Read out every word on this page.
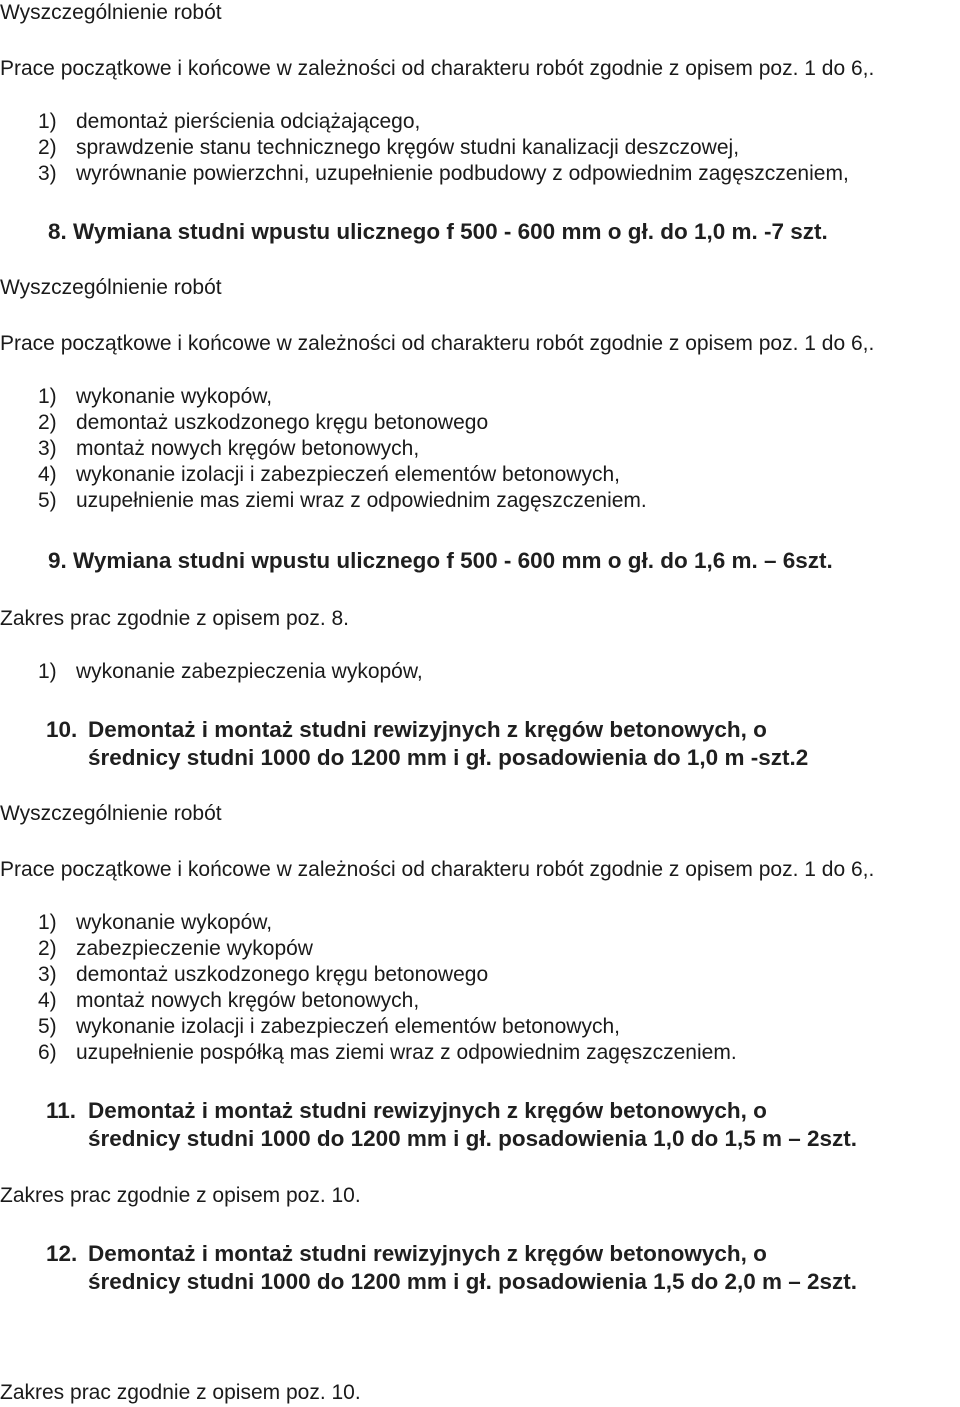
Wyszczególnienie robót
Prace początkowe i końcowe w zależności od charakteru robót zgodnie z opisem poz. 1 do 6,.
1) demontaż pierścienia odciążającego,
2) sprawdzenie stanu technicznego kręgów studni kanalizacji deszczowej,
3) wyrównanie powierzchni, uzupełnienie podbudowy z odpowiednim zagęszczeniem,
8. Wymiana studni wpustu ulicznego f 500 - 600 mm o gł. do 1,0 m. -7 szt.
Wyszczególnienie robót
Prace początkowe i końcowe w zależności od charakteru robót zgodnie z opisem poz. 1 do 6,.
1) wykonanie wykopów,
2) demontaż uszkodzonego kręgu betonowego
3) montaż nowych kręgów betonowych,
4) wykonanie izolacji i zabezpieczeń elementów betonowych,
5) uzupełnienie mas ziemi wraz z odpowiednim zagęszczeniem.
9. Wymiana studni wpustu ulicznego f 500 - 600 mm o gł. do 1,6 m. – 6szt.
Zakres prac zgodnie z opisem poz. 8.
1) wykonanie zabezpieczenia wykopów,
10. Demontaż i montaż studni rewizyjnych z kręgów betonowych, o
średnicy studni 1000 do 1200 mm i gł. posadowienia do 1,0 m -szt.2
Wyszczególnienie robót
Prace początkowe i końcowe w zależności od charakteru robót zgodnie z opisem poz. 1 do 6,.
1) wykonanie wykopów,
2) zabezpieczenie wykopów
3) demontaż uszkodzonego kręgu betonowego
4) montaż nowych kręgów betonowych,
5) wykonanie izolacji i zabezpieczeń elementów betonowych,
6) uzupełnienie pospółką mas ziemi wraz z odpowiednim zagęszczeniem.
11. Demontaż i montaż studni rewizyjnych z kręgów betonowych, o
średnicy studni 1000 do 1200 mm i gł. posadowienia 1,0 do 1,5 m – 2szt.
Zakres prac zgodnie z opisem poz. 10.
12. Demontaż i montaż studni rewizyjnych z kręgów betonowych, o
średnicy studni 1000 do 1200 mm i gł. posadowienia 1,5 do 2,0 m – 2szt.
Zakres prac zgodnie z opisem poz. 10.
